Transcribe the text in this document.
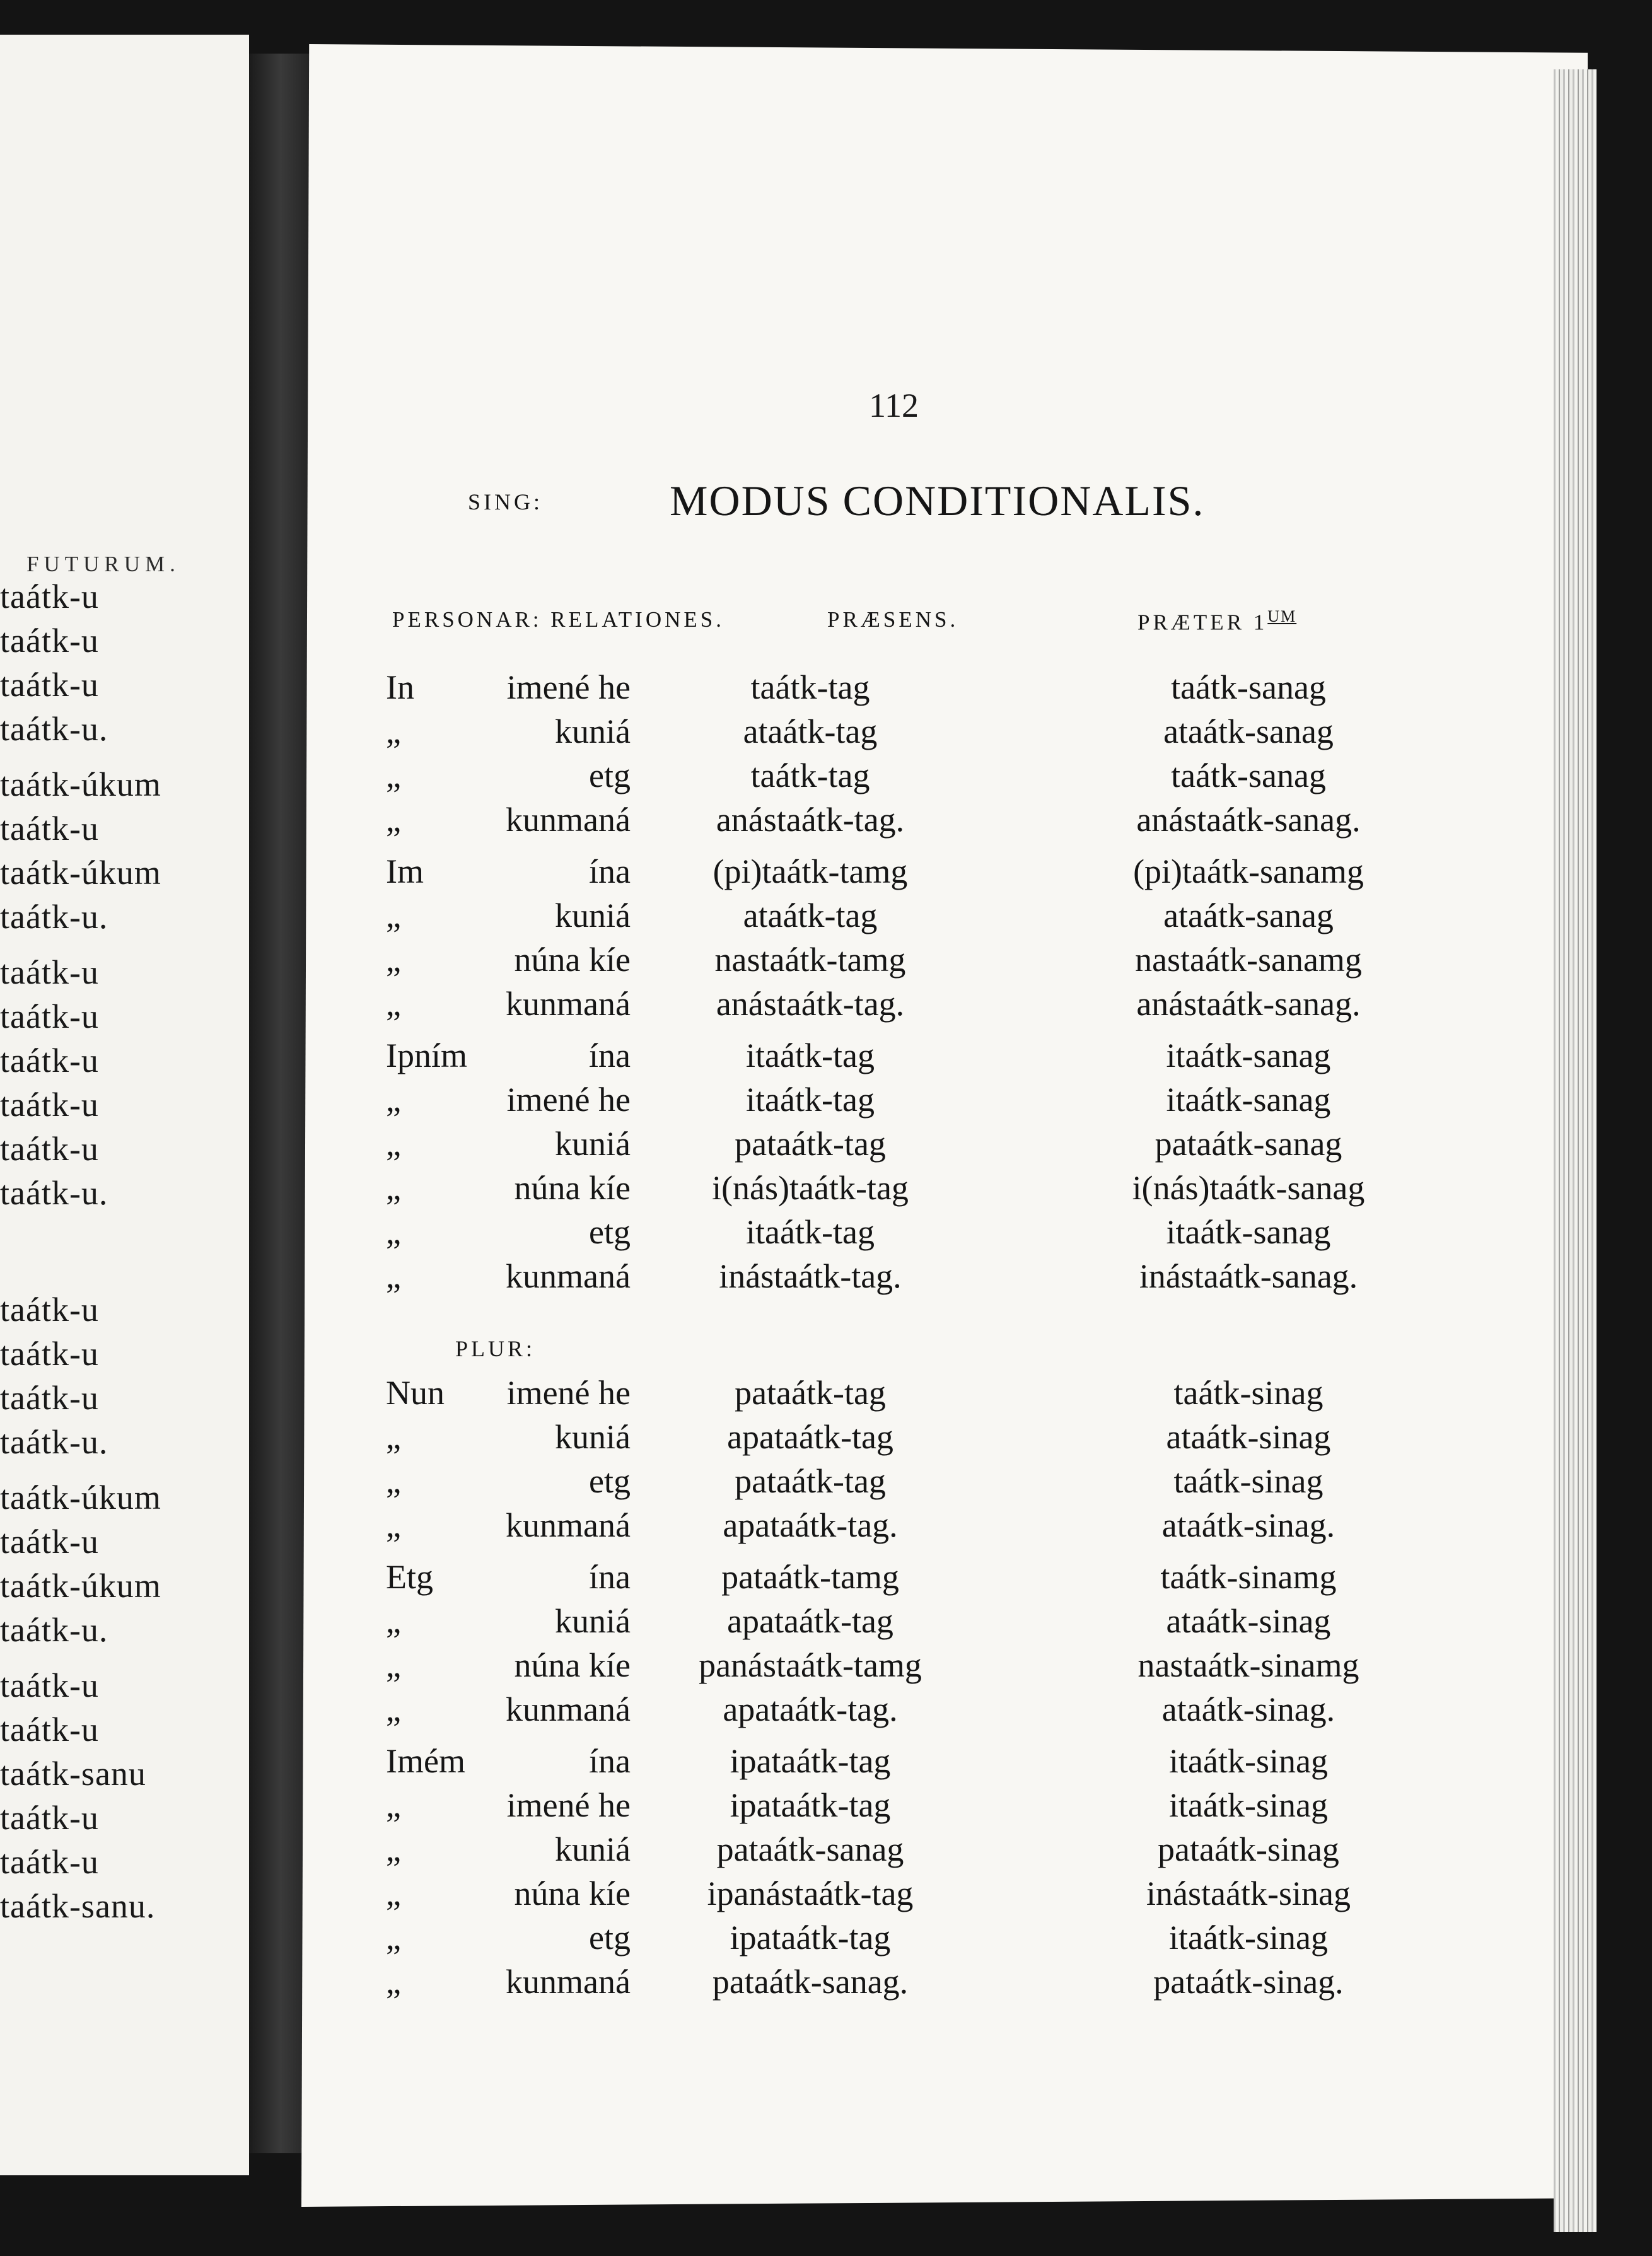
FUTURUM.
taátk-u
taátk-u
taátk-u
taátk-u.
taátk-úkum
taátk-u
taátk-úkum
taátk-u.
taátk-u
taátk-u
taátk-u
taátk-u
taátk-u
taátk-u.
taátk-u
taátk-u
taátk-u
taátk-u.
taátk-úkum
taátk-u
taátk-úkum
taátk-u.
taátk-u
taátk-u
taátk-sanu
taátk-u
taátk-u
taátk-sanu.
112
SING:	MODUS CONDITIONALIS.
PERSONAR: RELATIONES.	PRÆSENS.	PRÆTER $1^{UM}$
PLUR:
In	imené he	taátk-tag	taátk-sanag
„	kuniá	ataátk-tag	ataátk-sanag
„	etg	taátk-tag	taátk-sanag
„	kunmaná	anástaátk-tag.	anástaátk-sanag.
Im	ína	(pi)taátk-tamg	(pi)taátk-sanamg
„	kuniá	ataátk-tag	ataátk-sanag
„	núna kíe	nastaátk-tamg	nastaátk-sanamg
„	kunmaná	anástaátk-tag.	anástaátk-sanag.
Ipním	ína	itaátk-tag	itaátk-sanag
„	imené he	itaátk-tag	itaátk-sanag
„	kuniá	pataátk-tag	pataátk-sanag
„	núna kíe	i(nás)taátk-tag	i(nás)taátk-sanag
„	etg	itaátk-tag	itaátk-sanag
„	kunmaná	inástaátk-tag.	inástaátk-sanag.
Nun	imené he	pataátk-tag	taátk-sinag
„	kuniá	apataátk-tag	ataátk-sinag
„	etg	pataátk-tag	taátk-sinag
„	kunmaná	apataátk-tag.	ataátk-sinag.
Etg	ína	pataátk-tamg	taátk-sinamg
„	kuniá	apataátk-tag	ataátk-sinag
„	núna kíe	panástaátk-tamg	nastaátk-sinamg
„	kunmaná	apataátk-tag.	ataátk-sinag.
Imém	ína	ipataátk-tag	itaátk-sinag
„	imené he	ipataátk-tag	itaátk-sinag
„	kuniá	pataátk-sanag	pataátk-sinag
„	núna kíe	ipanástaátk-tag	inástaátk-sinag
„	etg	ipataátk-tag	itaátk-sinag
„	kunmaná	pataátk-sanag.	pataátk-sinag.
